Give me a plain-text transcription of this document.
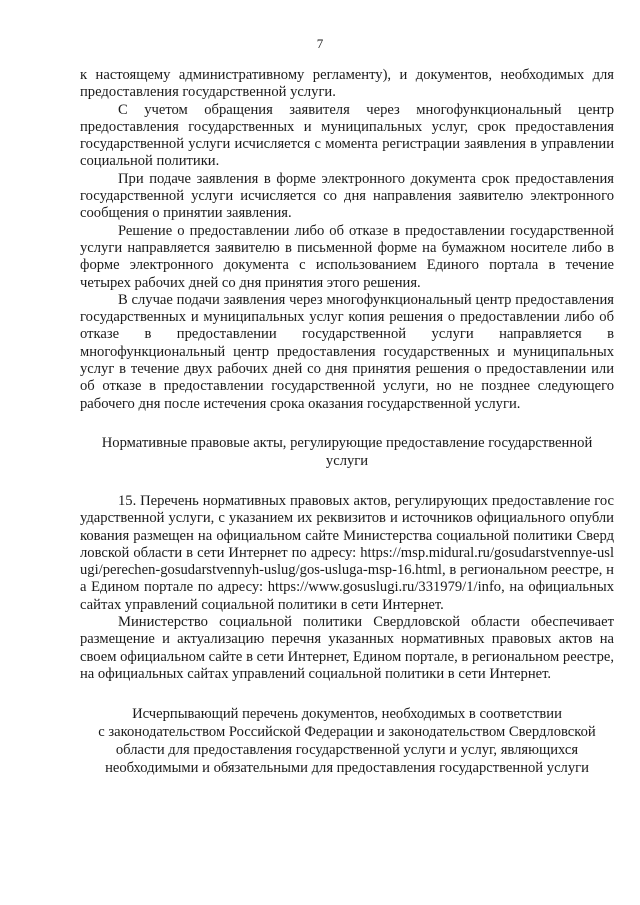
7

к настоящему административному регламенту), и документов, необходимых для предоставления государственной услуги.

С учетом обращения заявителя через многофункциональный центр предоставления государственных и муниципальных услуг, срок предоставления государственной услуги исчисляется с момента регистрации заявления в управлении социальной политики.

При подаче заявления в форме электронного документа срок предоставления государственной услуги исчисляется со дня направления заявителю электронного сообщения о принятии заявления.

Решение о предоставлении либо об отказе в предоставлении государственной услуги направляется заявителю в письменной форме на бумажном носителе либо в форме электронного документа с использованием Единого портала в течение четырех рабочих дней со дня принятия этого решения.

В случае подачи заявления через многофункциональный центр предоставления государственных и муниципальных услуг копия решения о предоставлении либо об отказе в предоставлении государственной услуги направляется в многофункциональный центр предоставления государственных и муниципальных услуг в течение двух рабочих дней со дня принятия решения о предоставлении или об отказе в предоставлении государственной услуги, но не позднее следующего рабочего дня после истечения срока оказания государственной услуги.

Нормативные правовые акты, регулирующие предоставление государственной услуги

15. Перечень нормативных правовых актов, регулирующих предоставление государственной услуги, с указанием их реквизитов и источников официального опубликования размещен на официальном сайте Министерства социальной политики Свердловской области в сети Интернет по адресу: https://msp.midural.ru/gosudarstvennye-uslugi/perechen-gosudarstvennyh-uslug/gos-usluga-msp-16.html, в региональном реестре, на Едином портале по адресу: https://www.gosuslugi.ru/331979/1/info, на официальных сайтах управлений социальной политики в сети Интернет.

Министерство социальной политики Свердловской области обеспечивает размещение и актуализацию перечня указанных нормативных правовых актов на своем официальном сайте в сети Интернет, Едином портале, в региональном реестре, на официальных сайтах управлений социальной политики в сети Интернет.

Исчерпывающий перечень документов, необходимых в соответствии

с законодательством Российской Федерации и законодательством Свердловской

области для предоставления государственной услуги и услуг, являющихся

необходимыми и обязательными для предоставления государственной услуги
